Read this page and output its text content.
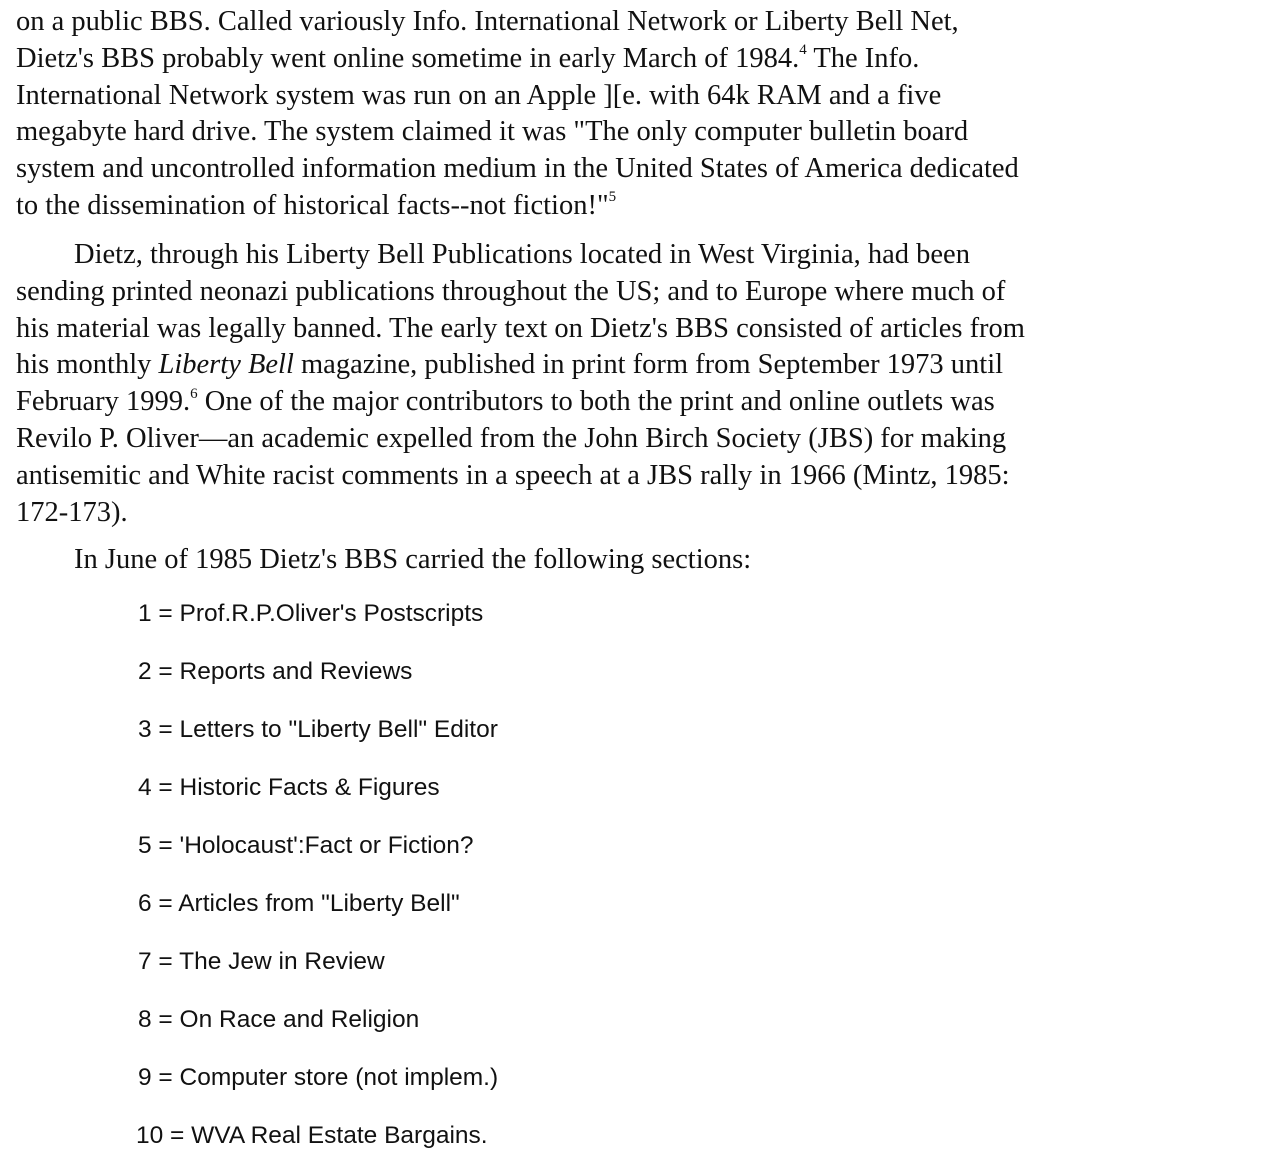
on a public BBS. Called variously Info. International Network or Liberty Bell Net,
Dietz's BBS probably went online sometime in early March of 1984.$^4$ The Info.
International Network system was run on an Apple ][e. with 64k RAM and a five
megabyte hard drive. The system claimed it was "The only computer bulletin board
system and uncontrolled information medium in the United States of America dedicated
to the dissemination of historical facts--not fiction!"$^5$
Dietz, through his Liberty Bell Publications located in West Virginia, had been
sending printed neonazi publications throughout the US; and to Europe where much of
his material was legally banned. The early text on Dietz's BBS consisted of articles from
his monthly Liberty Bell magazine, published in print form from September 1973 until
February 1999.$^6$ One of the major contributors to both the print and online outlets was
Revilo P. Oliver—an academic expelled from the John Birch Society (JBS) for making
antisemitic and White racist comments in a speech at a JBS rally in 1966 (Mintz, 1985:
172-173).
In June of 1985 Dietz's BBS carried the following sections:
1 = Prof.R.P.Oliver's Postscripts
2 = Reports and Reviews
3 = Letters to "Liberty Bell" Editor
4 = Historic Facts & Figures
5 = 'Holocaust':Fact or Fiction?
6 = Articles from "Liberty Bell"
7 = The Jew in Review
8 = On Race and Religion
9 = Computer store (not implem.)
10 = WVA Real Estate Bargains.
